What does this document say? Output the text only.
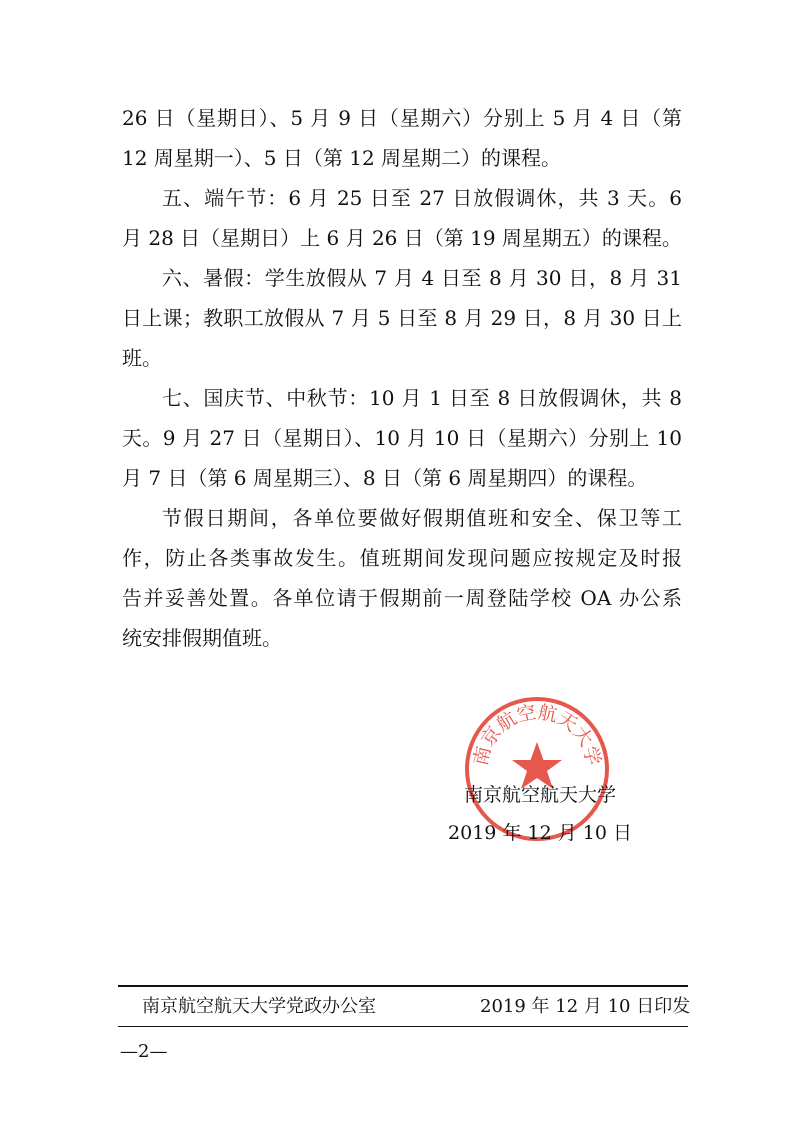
26 日（星期日）、5 月 9 日（星期六）分别上 5 月 4 日（第
12 周星期一）、5 日（第 12 周星期二）的课程。
五、端午节：6 月 25 日至 27 日放假调休，共 3 天。6
月 28 日（星期日）上 6 月 26 日（第 19 周星期五）的课程。
六、暑假：学生放假从 7 月 4 日至 8 月 30 日，8 月 31
日上课；教职工放假从 7 月 5 日至 8 月 29 日，8 月 30 日上
班。
七、国庆节、中秋节：10 月 1 日至 8 日放假调休，共 8
天。9 月 27 日（星期日）、10 月 10 日（星期六）分别上 10
月 7 日（第 6 周星期三）、8 日（第 6 周星期四）的课程。
节假日期间，各单位要做好假期值班和安全、保卫等工
作，防止各类事故发生。值班期间发现问题应按规定及时报
告并妥善处置。各单位请于假期前一周登陆学校 OA 办公系
统安排假期值班。
南京航空航天大学
南京航空航天大学
2019 年 12 月 10 日
南京航空航天大学党政办公室	2019 年 12 月 10 日印发
—2—
